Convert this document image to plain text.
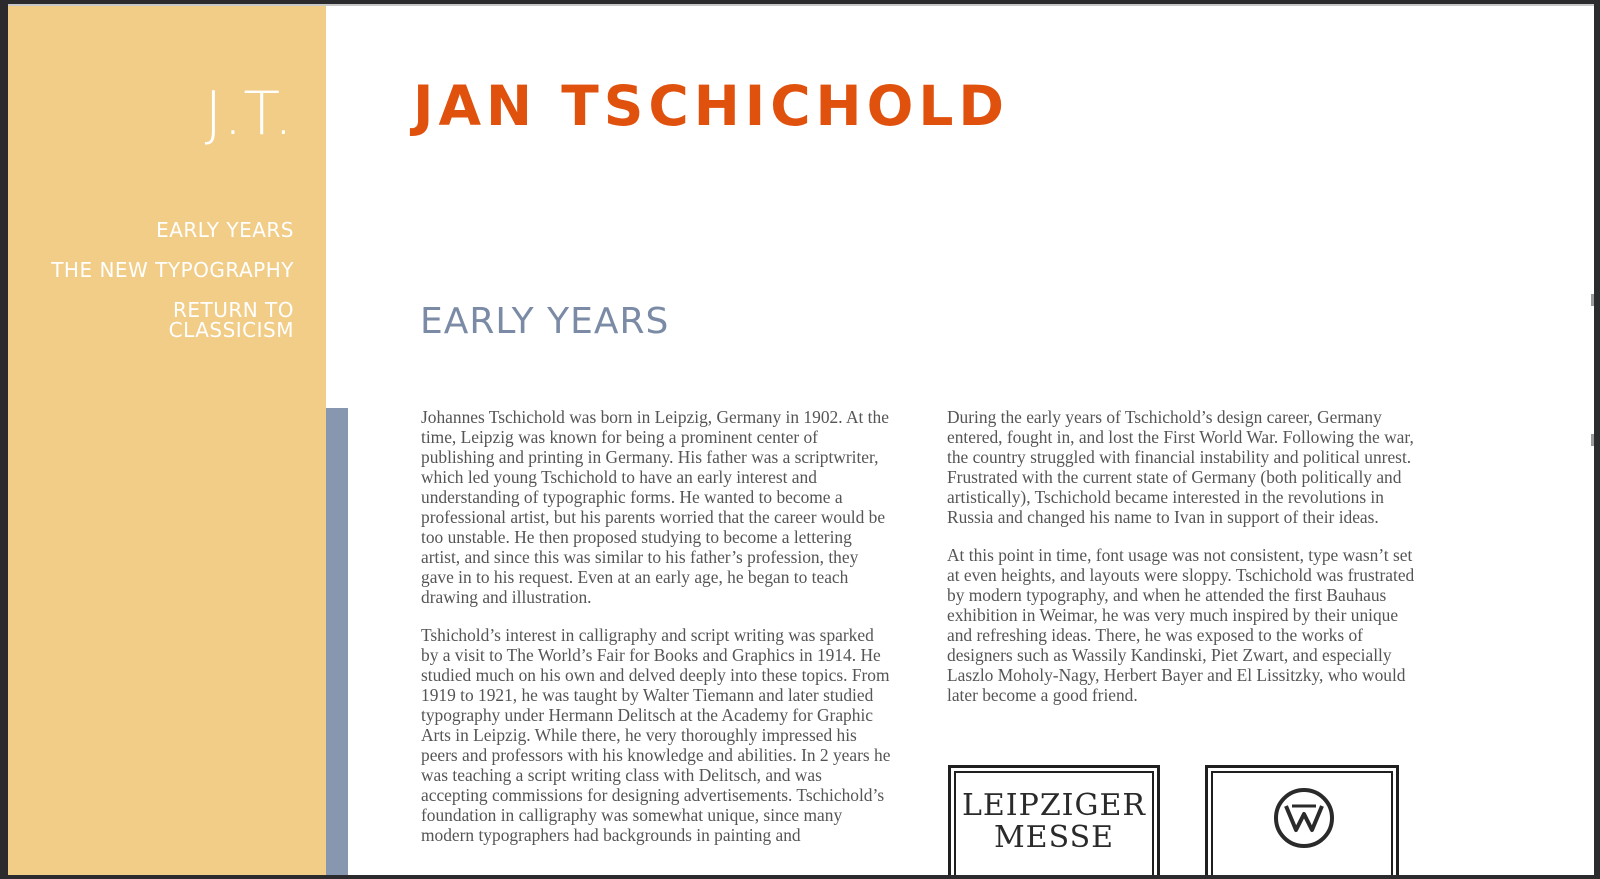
J.T.
EARLY YEARS
THE NEW TYPOGRAPHY
RETURN TO CLASSICISM
JAN TSCHICHOLD
EARLY YEARS

Johannes Tschichold was born in Leipzig, Germany in 1902. At the time, Leipzig was known for being a prominent center of publishing and printing in Germany. His father was a scriptwriter, which led young Tschichold to have an early interest and understanding of typographic forms. He wanted to become a professional artist, but his parents worried that the career would be too unstable. He then proposed studying to become a lettering artist, and since this was similar to his father’s profession, they gave in to his request. Even at an early age, he began to teach drawing and illustration.

Tshichold’s interest in calligraphy and script writing was sparked by a visit to The World’s Fair for Books and Graphics in 1914. He studied much on his own and delved deeply into these topics. From 1919 to 1921, he was taught by Walter Tiemann and later studied typography under Hermann Delitsch at the Academy for Graphic Arts in Leipzig. While there, he very thoroughly impressed his peers and professors with his knowledge and abilities. In 2 years he was teaching a script writing class with Delitsch, and was accepting commissions for designing advertisements. Tschichold’s foundation in calligraphy was somewhat unique, since many modern typographers had backgrounds in painting and

During the early years of Tschichold’s design career, Germany entered, fought in, and lost the First World War. Following the war, the country struggled with financial instability and political unrest. Frustrated with the current state of Germany (both politically and artistically), Tschichold became interested in the revolutions in Russia and changed his name to Ivan in support of their ideas.

At this point in time, font usage was not consistent, type wasn’t set at even heights, and layouts were sloppy. Tschichold was frustrated by modern typography, and when he attended the first Bauhaus exhibition in Weimar, he was very much inspired by their unique and refreshing ideas. There, he was exposed to the works of designers such as Wassily Kandinski, Piet Zwart, and especially Laszlo Moholy-Nagy, Herbert Bayer and El Lissitzky, who would later become a good friend.

LEIPZIGER MESSE
